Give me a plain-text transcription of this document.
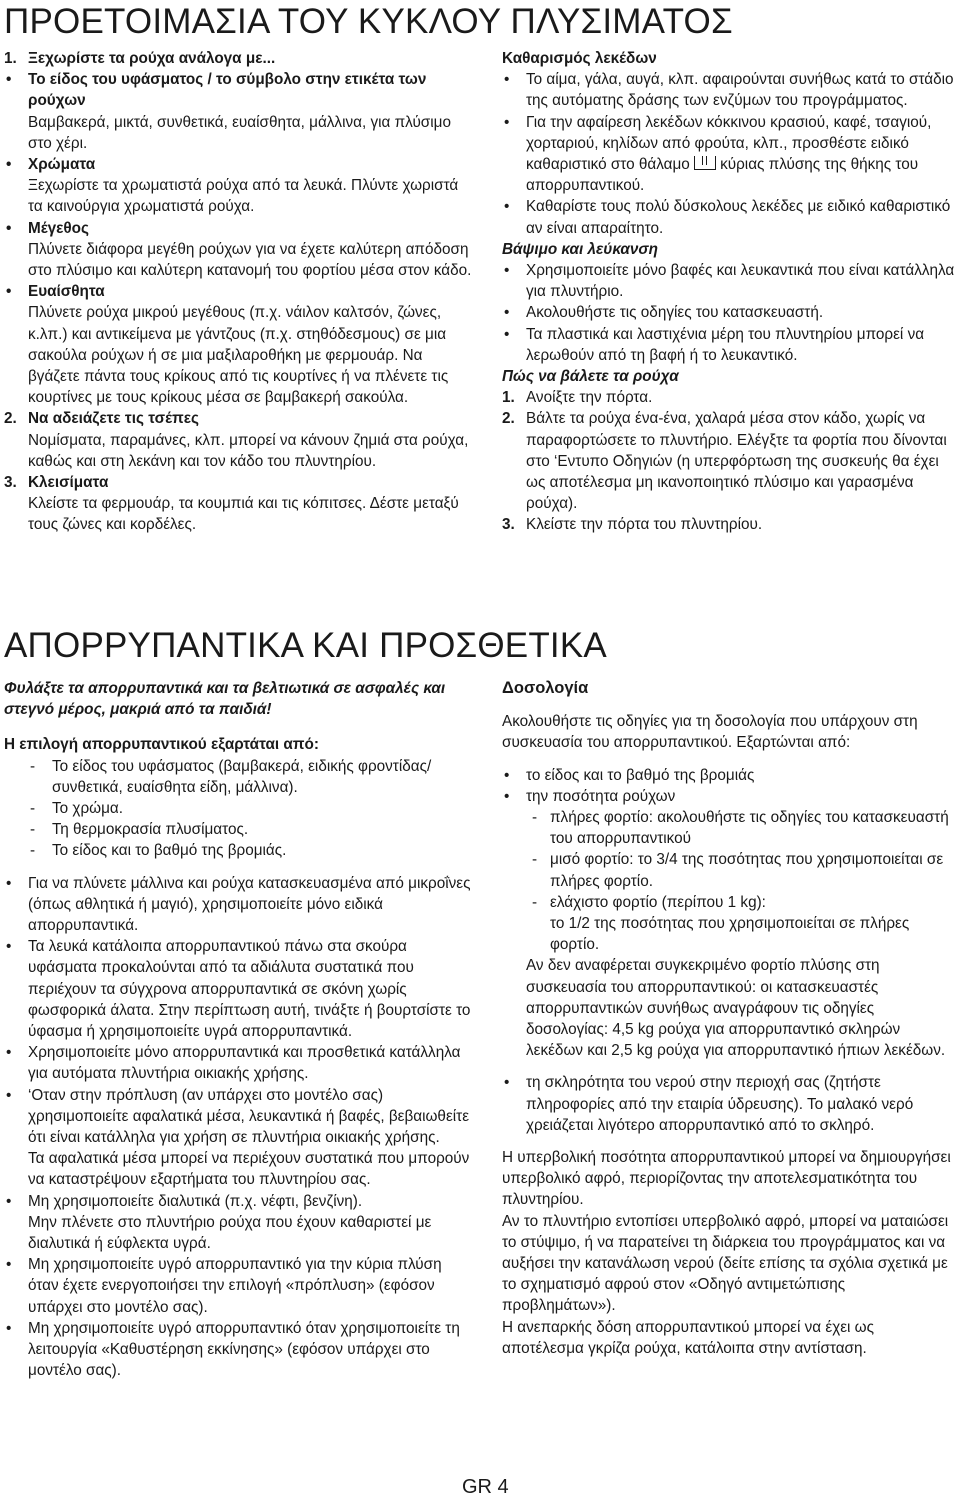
ΠΡΟΕΤΟΙΜΑΣΙΑ ΤΟΥ ΚΥΚΛΟΥ ΠΛΥΣΙΜΑΤΟΣ

1. Ξεχωρίστε τα ρούχα ανάλογα με...

• Το είδος του υφάσματος / το σύμβολο στην ετικέτα των ρούχων

Βαμβακερά, μικτά, συνθετικά, ευαίσθητα, μάλλινα, για πλύσιμο στο χέρι.

• Χρώματα

Ξεχωρίστε τα χρωματιστά ρούχα από τα λευκά. Πλύντε χωριστά τα καινούργια χρωματιστά ρούχα.

• Μέγεθος

Πλύνετε διάφορα μεγέθη ρούχων για να έχετε καλύτερη απόδοση στο πλύσιμο και καλύτερη κατανομή του φορτίου μέσα στον κάδο.

• Ευαίσθητα

Πλύνετε ρούχα μικρού μεγέθους (π.χ. νάιλον καλτσόν, ζώνες, κ.λπ.) και αντικείμενα με γάντζους (π.χ. στηθόδεσμους) σε μια σακούλα ρούχων ή σε μια μαξιλαροθήκη με φερμουάρ. Να βγάζετε πάντα τους κρίκους από τις κουρτίνες ή να πλένετε τις κουρτίνες με τους κρίκους μέσα σε βαμβακερή σακούλα.

2. Να αδειάζετε τις τσέπες

Νομίσματα, παραμάνες, κλπ. μπορεί να κάνουν ζημιά στα ρούχα, καθώς και στη λεκάνη και τον κάδο του πλυντηρίου.

3. Κλεισίματα

Κλείστε τα φερμουάρ, τα κουμπιά και τις κόπιτσες. Δέστε μεταξύ τους ζώνες και κορδέλες.

Καθαρισμός λεκέδων

• Το αίμα, γάλα, αυγά, κλπ. αφαιρούνται συνήθως κατά το στάδιο της αυτόματης δράσης των ενζύμων του προγράμματος.

• Για την αφαίρεση λεκέδων κόκκινου κρασιού, καφέ, τσαγιού, χορταριού, κηλίδων από φρούτα, κλπ., προσθέστε ειδικό καθαριστικό στο θάλαμο κύριας πλύσης της θήκης του απορρυπαντικού.

• Καθαρίστε τους πολύ δύσκολους λεκέδες με ειδικό καθαριστικό αν είναι απαραίτητο.

Βάψιμο και λεύκανση

• Χρησιμοποιείτε μόνο βαφές και λευκαντικά που είναι κατάλληλα για πλυντήριο.

• Ακολουθήστε τις οδηγίες του κατασκευαστή.

• Τα πλαστικά και λαστιχένια μέρη του πλυντηρίου μπορεί να λερωθούν από τη βαφή ή το λευκαντικό.

Πώς να βάλετε τα ρούχα

1. Ανοίξτε την πόρτα.

2. Βάλτε τα ρούχα ένα-ένα, χαλαρά μέσα στον κάδο, χωρίς να παραφορτώσετε το πλυντήριο. Ελέγξτε τα φορτία που δίνονται στο ‘Εντυπο Οδηγιών (η υπερφόρτωση της συσκευής θα έχει ως αποτέλεσμα μη ικανοποιητικό πλύσιμο και γαρασμένα ρούχα).

3. Κλείστε την πόρτα του πλυντηρίου.

ΑΠΟΡΡΥΠΑΝΤΙΚΑ ΚΑΙ ΠΡΟΣΘΕΤΙΚΑ

Φυλάξτε τα απορρυπαντικά και τα βελτιωτικά σε ασφαλές και στεγνό μέρος, μακριά από τα παιδιά!

Η επιλογή απορρυπαντικού εξαρτάται από:

- Το είδος του υφάσματος (βαμβακερά, ειδικής φροντίδας/συνθετικά, ευαίσθητα είδη, μάλλινα).

- Το χρώμα.

- Τη θερμοκρασία πλυσίματος.

- Το είδος και το βαθμό της βρομιάς.

• Για να πλύνετε μάλλινα και ρούχα κατασκευασμένα από μικροΐνες (όπως αθλητικά ή μαγιό), χρησιμοποιείτε μόνο ειδικά απορρυπαντικά.

• Τα λευκά κατάλοιπα απορρυπαντικού πάνω στα σκούρα υφάσματα προκαλούνται από τα αδιάλυτα συστατικά που περιέχουν τα σύγχρονα απορρυπαντικά σε σκόνη χωρίς φωσφορικά άλατα. Στην περίπτωση αυτή, τινάξτε ή βουρτσίστε το ύφασμα ή χρησιμοποιείτε υγρά απορρυπαντικά.

• Χρησιμοποιείτε μόνο απορρυπαντικά και προσθετικά κατάλληλα για αυτόματα πλυντήρια οικιακής χρήσης.

• ‘Οταν στην πρόπλυση (αν υπάρχει στο μοντέλο σας) χρησιμοποιείτε αφαλατικά μέσα, λευκαντικά ή βαφές, βεβαιωθείτε ότι είναι κατάλληλα για χρήση σε πλυντήρια οικιακής χρήσης.

Τα αφαλατικά μέσα μπορεί να περιέχουν συστατικά που μπορούν να καταστρέψουν εξαρτήματα του πλυντηρίου σας.

• Μη χρησιμοποιείτε διαλυτικά (π.χ. νέφτι, βενζίνη).

Μην πλένετε στο πλυντήριο ρούχα που έχουν καθαριστεί με διαλυτικά ή εύφλεκτα υγρά.

• Μη χρησιμοποιείτε υγρό απορρυπαντικό για την κύρια πλύση όταν έχετε ενεργοποιήσει την επιλογή «πρόπλυση» (εφόσον υπάρχει στο μοντέλο σας).

• Μη χρησιμοποιείτε υγρό απορρυπαντικό όταν χρησιμοποιείτε τη λειτουργία «Καθυστέρηση εκκίνησης» (εφόσον υπάρχει στο μοντέλο σας).

Δοσολογία

Ακολουθήστε τις οδηγίες για τη δοσολογία που υπάρχουν στη συσκευασία του απορρυπαντικού. Εξαρτώνται από:

• το είδος και το βαθμό της βρομιάς

• την ποσότητα ρούχων

- πλήρες φορτίο: ακολουθήστε τις οδηγίες του κατασκευαστή του απορρυπαντικού

- μισό φορτίο: το 3/4 της ποσότητας που χρησιμοποιείται σε πλήρες φορτίο.

- ελάχιστο φορτίο (περίπου 1 kg):

το 1/2 της ποσότητας που χρησιμοποιείται σε πλήρες φορτίο.

Αν δεν αναφέρεται συγκεκριμένο φορτίο πλύσης στη συσκευασία του απορρυπαντικού: οι κατασκευαστές απορρυπαντικών συνήθως αναγράφουν τις οδηγίες δοσολογίας: 4,5 kg ρούχα για απορρυπαντικό σκληρών λεκέδων και 2,5 kg ρούχα για απορρυπαντικό ήπιων λεκέδων.

• τη σκληρότητα του νερού στην περιοχή σας (ζητήστε πληροφορίες από την εταιρία ύδρευσης). Το μαλακό νερό χρειάζεται λιγότερο απορρυπαντικό από το σκληρό.

Η υπερβολική ποσότητα απορρυπαντικού μπορεί να δημιουργήσει υπερβολικό αφρό, περιορίζοντας την αποτελεσματικότητα του πλυντηρίου.

Αν το πλυντήριο εντοπίσει υπερβολικό αφρό, μπορεί να ματαιώσει το στύψιμο, ή να παρατείνει τη διάρκεια του προγράμματος και να αυξήσει την κατανάλωση νερού (δείτε επίσης τα σχόλια σχετικά με το σχηματισμό αφρού στον «Οδηγό αντιμετώπισης προβλημάτων»).

Η ανεπαρκής δόση απορρυπαντικού μπορεί να έχει ως αποτέλεσμα γκρίζα ρούχα, κατάλοιπα στην αντίσταση.

GR 4
